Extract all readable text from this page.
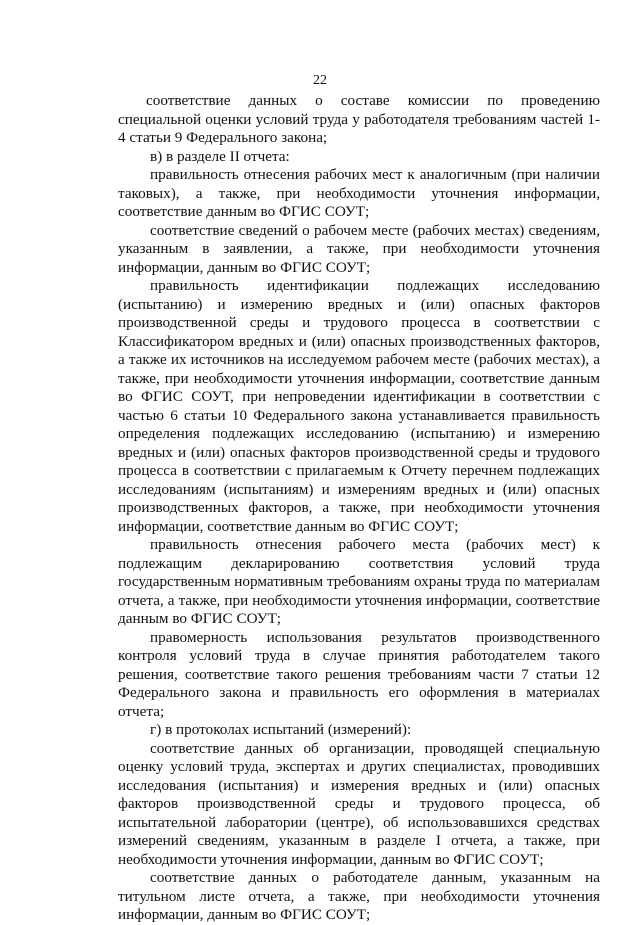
22

соответствие данных о составе комиссии по проведению специальной оценки условий труда у работодателя требованиям частей 1-4 статьи 9 Федерального закона;

в) в разделе II отчета:

правильность отнесения рабочих мест к аналогичным (при наличии таковых), а также, при необходимости уточнения информации, соответствие данным во ФГИС СОУТ;

соответствие сведений о рабочем месте (рабочих местах) сведениям, указанным в заявлении, а также, при необходимости уточнения информации, данным во ФГИС СОУТ;

правильность идентификации подлежащих исследованию (испытанию) и измерению вредных и (или) опасных факторов производственной среды и трудового процесса в соответствии с Классификатором вредных и (или) опасных производственных факторов, а также их источников на исследуемом рабочем месте (рабочих местах), а также, при необходимости уточнения информации, соответствие данным во ФГИС СОУТ, при непроведении идентификации в соответствии с частью 6 статьи 10 Федерального закона устанавливается правильность определения подлежащих исследованию (испытанию) и измерению вредных и (или) опасных факторов производственной среды и трудового процесса в соответствии с прилагаемым к Отчету перечнем подлежащих исследованиям (испытаниям) и измерениям вредных и (или) опасных производственных факторов, а также, при необходимости уточнения информации, соответствие данным во ФГИС СОУТ;

правильность отнесения рабочего места (рабочих мест) к подлежащим декларированию соответствия условий труда государственным нормативным требованиям охраны труда по материалам отчета, а также, при необходимости уточнения информации, соответствие данным во ФГИС СОУТ;

правомерность использования результатов производственного контроля условий труда в случае принятия работодателем такого решения, соответствие такого решения требованиям части 7 статьи 12 Федерального закона и правильность его оформления в материалах отчета;

г) в протоколах испытаний (измерений):

соответствие данных об организации, проводящей специальную оценку условий труда, экспертах и других специалистах, проводивших исследования (испытания) и измерения вредных и (или) опасных факторов производственной среды и трудового процесса, об испытательной лаборатории (центре), об использовавшихся средствах измерений сведениям, указанным в разделе I отчета, а также, при необходимости уточнения информации, данным во ФГИС СОУТ;

соответствие данных о работодателе данным, указанным на титульном листе отчета, а также, при необходимости уточнения информации, данным во ФГИС СОУТ;
